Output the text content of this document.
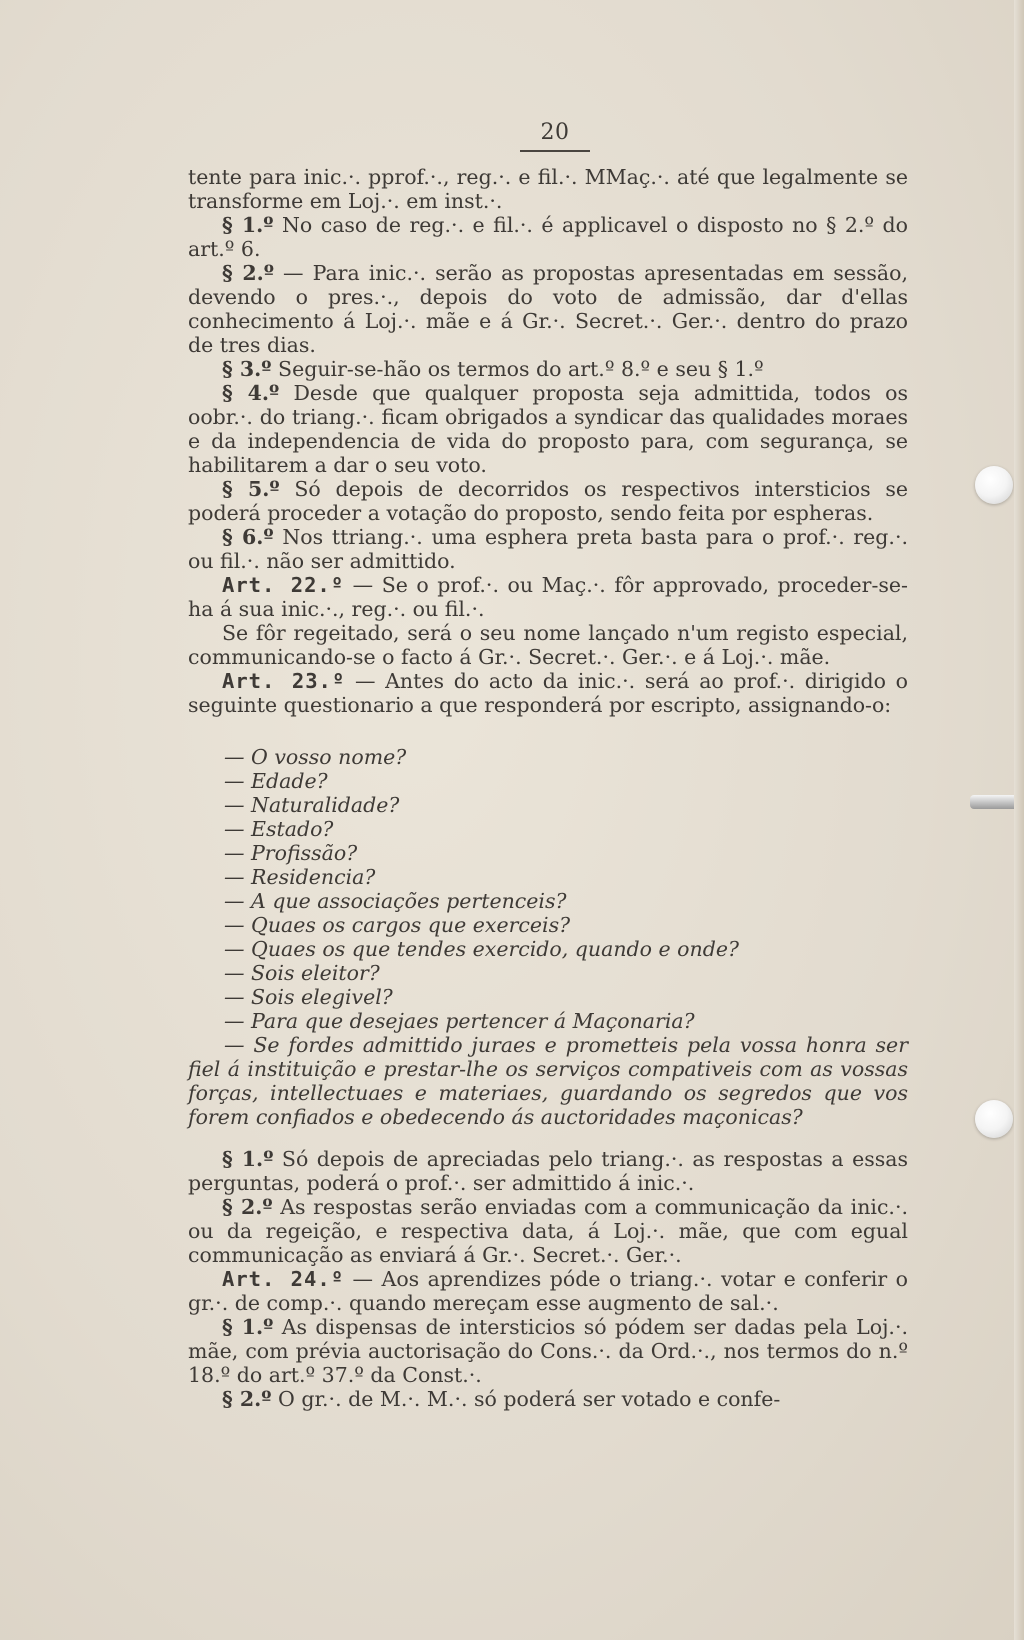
20

tente para inic.·. pprof.·., reg.·. e fil.·. MMaç.·. até que legalmente se transforme em Loj.·. em inst.·.

§ 1.º No caso de reg.·. e fil.·. é applicavel o disposto no § 2.º do art.º 6.

§ 2.º — Para inic.·. serão as propostas apresentadas em sessão, devendo o pres.·., depois do voto de admissão, dar d'ellas conhecimento á Loj.·. mãe e á Gr.·. Secret.·. Ger.·. dentro do prazo de tres dias.

§ 3.º Seguir-se-hão os termos do art.º 8.º e seu § 1.º

§ 4.º Desde que qualquer proposta seja admittida, todos os oobr.·. do triang.·. ficam obrigados a syndicar das qualidades moraes e da independencia de vida do proposto para, com segurança, se habilitarem a dar o seu voto.

§ 5.º Só depois de decorridos os respectivos intersticios se poderá proceder a votação do proposto, sendo feita por espheras.

§ 6.º Nos ttriang.·. uma esphera preta basta para o prof.·. reg.·. ou fil.·. não ser admittido.

Art. 22.º — Se o prof.·. ou Maç.·. fôr approvado, proceder-se-ha á sua inic.·., reg.·. ou fil.·.

Se fôr regeitado, será o seu nome lançado n'um registo especial, communicando-se o facto á Gr.·. Secret.·. Ger.·. e á Loj.·. mãe.

Art. 23.º — Antes do acto da inic.·. será ao prof.·. dirigido o seguinte questionario a que responderá por escripto, assignando-o:

— O vosso nome?

— Edade?

— Naturalidade?

— Estado?

— Profissão?

— Residencia?

— A que associações pertenceis?

— Quaes os cargos que exerceis?

— Quaes os que tendes exercido, quando e onde?

— Sois eleitor?

— Sois elegivel?

— Para que desejaes pertencer á Maçonaria?

— Se fordes admittido juraes e prometteis pela vossa honra ser fiel á instituição e prestar-lhe os serviços compativeis com as vossas forças, intellectuaes e materiaes, guardando os segredos que vos forem confiados e obedecendo ás auctoridades maçonicas?

§ 1.º Só depois de apreciadas pelo triang.·. as respostas a essas perguntas, poderá o prof.·. ser admittido á inic.·.

§ 2.º As respostas serão enviadas com a communicação da inic.·. ou da regeição, e respectiva data, á Loj.·. mãe, que com egual communicação as enviará á Gr.·. Secret.·. Ger.·.

Art. 24.º — Aos aprendizes póde o triang.·. votar e conferir o gr.·. de comp.·. quando mereçam esse augmento de sal.·.

§ 1.º As dispensas de intersticios só pódem ser dadas pela Loj.·. mãe, com prévia auctorisação do Cons.·. da Ord.·., nos termos do n.º 18.º do art.º 37.º da Const.·.

§ 2.º O gr.·. de M.·. M.·. só poderá ser votado e confe-
